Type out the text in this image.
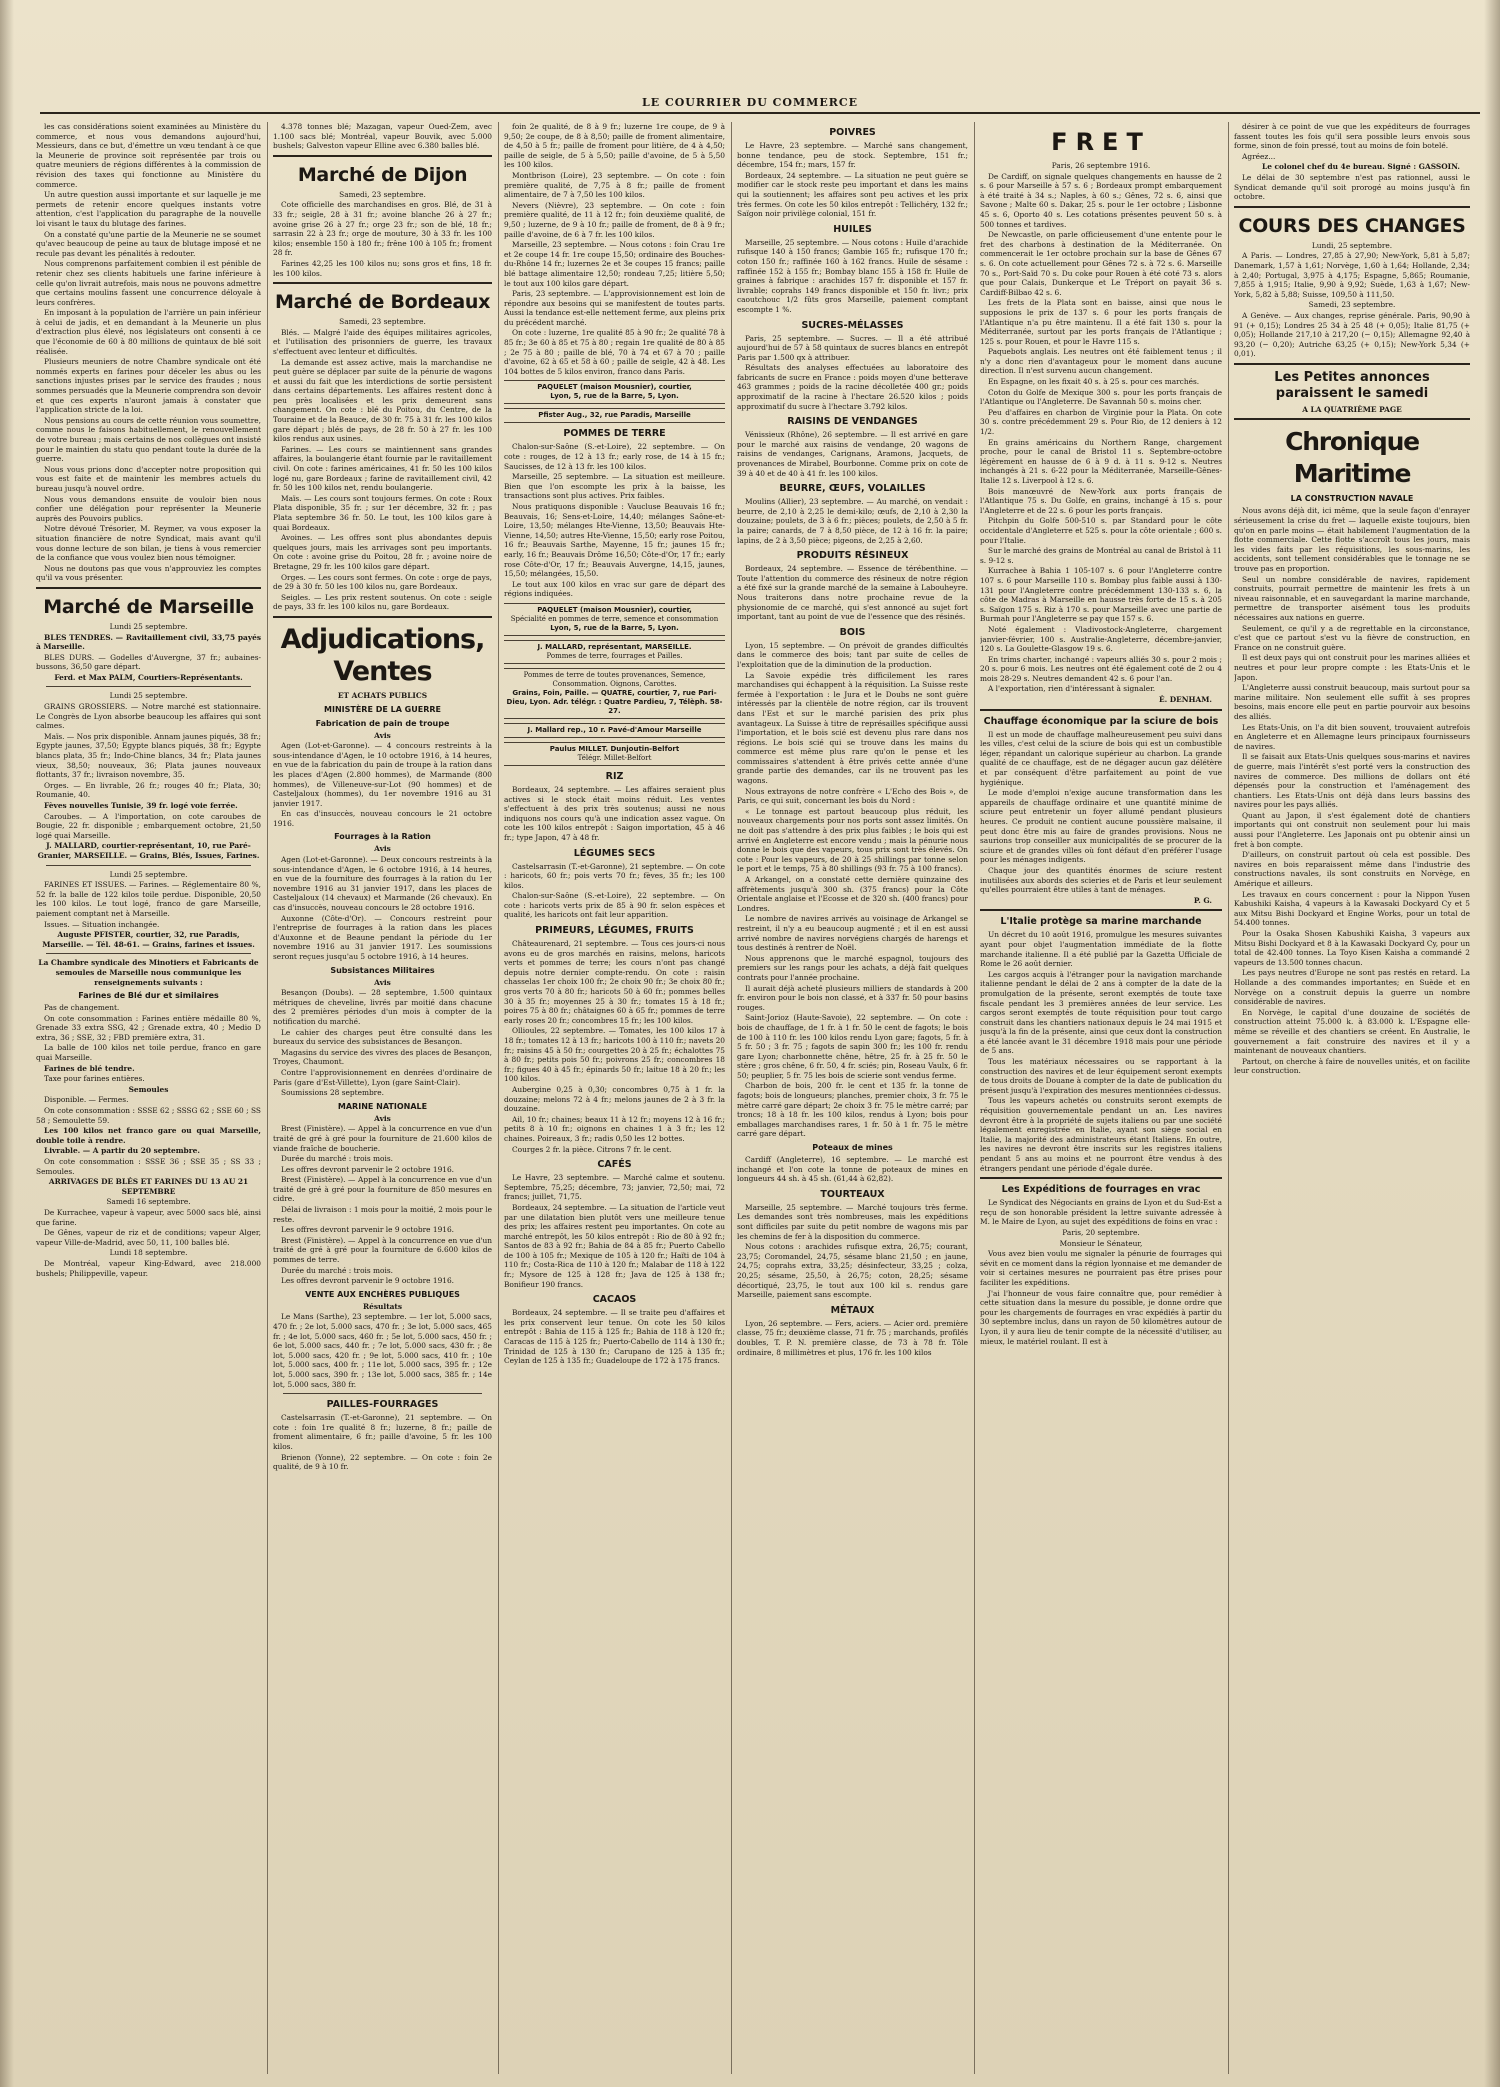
LE COURRIER DU COMMERCE

les cas considérations soient examinées au Ministère du commerce, et nous vous demandons aujourd'hui, Messieurs, dans ce but, d'émettre un vœu tendant à ce que la Meunerie de province soit représentée par trois ou quatre meuniers de régions différentes à la commission de révision des taxes qui fonctionne au Ministère du commerce.

Un autre question aussi importante et sur laquelle je me permets de retenir encore quelques instants votre attention, c'est l'application du paragraphe de la nouvelle loi visant le taux du blutage des farines.

On a constaté qu'une partie de la Meunerie ne se soumet qu'avec beaucoup de peine au taux de blutage imposé et ne recule pas devant les pénalités à redouter.

Nous comprenons parfaitement combien il est pénible de retenir chez ses clients habituels une farine inférieure à celle qu'on livrait autrefois, mais nous ne pouvons admettre que certains moulins fassent une concurrence déloyale à leurs confrères.

En imposant à la population de l'arrière un pain inférieur à celui de jadis, et en demandant à la Meunerie un plus d'extraction plus élevé, nos législateurs ont consenti à ce que l'économie de 60 à 80 millions de quintaux de blé soit réalisée.

Plusieurs meuniers de notre Chambre syndicale ont été nommés experts en farines pour déceler les abus ou les sanctions injustes prises par le service des fraudes ; nous sommes persuadés que la Meunerie comprendra son devoir et que ces experts n'auront jamais à constater que l'application stricte de la loi.

Nous pensions au cours de cette réunion vous soumettre, comme nous le faisons habituellement, le renouvellement de votre bureau ; mais certains de nos collègues ont insisté pour le maintien du statu quo pendant toute la durée de la guerre.

Nous vous prions donc d'accepter notre proposition qui vous est faite et de maintenir les membres actuels du bureau jusqu'à nouvel ordre.

Nous vous demandons ensuite de vouloir bien nous confier une délégation pour représenter la Meunerie auprès des Pouvoirs publics.

Notre dévoué Trésorier, M. Reymer, va vous exposer la situation financière de notre Syndicat, mais avant qu'il vous donne lecture de son bilan, je tiens à vous remercier de la confiance que vous voulez bien nous témoigner.

Nous ne doutons pas que vous n'approuviez les comptes qu'il va vous présenter.

Marché de Marseille

Lundi 25 septembre.

BLES TENDRES. — Ravitaillement civil, 33,75 payés à Marseille.

BLES DURS. — Godelles d'Auvergne, 37 fr.; aubaines-bussons, 36,50 gare départ.

Ferd. et Max PALM, Courtiers-Représentants.

Lundi 25 septembre.

GRAINS GROSSIERS. — Notre marché est stationnaire. Le Congrès de Lyon absorbe beaucoup les affaires qui sont calmes.

Maïs. — Nos prix disponible. Annam jaunes piqués, 38 fr.; Egypte jaunes, 37,50; Egypte blancs piqués, 38 fr.; Egypte blancs plata, 35 fr.; Indo-Chine blancs, 34 fr.; Plata jaunes vieux, 38,50; nouveaux, 36; Plata jaunes nouveaux flottants, 37 fr.; livraison novembre, 35.

Orges. — En livrable, 26 fr.; rouges 40 fr.; Plata, 30; Roumanie, 40.

Fèves nouvelles Tunisie, 39 fr. logé voie ferrée.

Caroubes. — A l'importation, on cote caroubes de Bougie, 22 fr. disponible ; embarquement octobre, 21,50 logé quai Marseille.

J. MALLARD, courtier-représentant, 10, rue Paré-Granier, MARSEILLE. — Grains, Blés, Issues, Farines.

Lundi 25 septembre.

FARINES ET ISSUES. — Farines. — Réglementaire 80 %, 52 fr. la balle de 122 kilos toile perdue. Disponible, 20,50 les 100 kilos. Le tout logé, franco de gare Marseille, paiement comptant net à Marseille.

Issues. — Situation inchangée.

Auguste PFISTER, courtier, 32, rue Paradis, Marseille. — Tél. 48-61. — Grains, farines et issues.

La Chambre syndicale des Minotiers et Fabricants de semoules de Marseille nous communique les renseignements suivants :

Farines de Blé dur et similaires

Pas de changement.

On cote consommation : Farines entière médaille 80 %, Grenade 33 extra SSG, 42 ; Grenade extra, 40 ; Medio D extra, 36 ; SSE, 32 ; FBD première extra, 31.

La balle de 100 kilos net toile perdue, franco en gare quai Marseille.

Farines de blé tendre.

Taxe pour farines entières.

Semoules

Disponible. — Fermes.

On cote consommation : SSSE 62 ; SSSG 62 ; SSE 60 ; SS 58 ; Semoulette 59.

Les 100 kilos net franco gare ou quai Marseille, double toile à rendre.

Livrable. — A partir du 20 septembre.

On cote consommation : SSSE 36 ; SSE 35 ; SS 33 ; Semoules.

ARRIVAGES DE BLÉS ET FARINES DU 13 AU 21 SEPTEMBRE

Samedi 16 septembre.

De Kurrachee, vapeur à vapeur, avec 5000 sacs blé, ainsi que farine.

De Gênes, vapeur de riz et de conditions; vapeur Alger, vapeur Ville-de-Madrid, avec 50, 11, 100 balles blé.

Lundi 18 septembre.

De Montréal, vapeur King-Edward, avec 218.000 bushels; Philippeville, vapeur.

4.378 tonnes blé; Mazagan, vapeur Oued-Zem, avec 1.100 sacs blé; Montréal, vapeur Bouvik, avec 5.000 bushels; Galveston vapeur Elline avec 6.380 balles blé.

Marché de Dijon

Samedi, 23 septembre.

Cote officielle des marchandises en gros. Blé, de 31 à 33 fr.; seigle, 28 à 31 fr.; avoine blanche 26 à 27 fr.; avoine grise 26 à 27 fr.; orge 23 fr.; son de blé, 18 fr.; sarrasin 22 à 23 fr.; orge de mouture, 30 à 33 fr. les 100 kilos; ensemble 150 à 180 fr.; frêne 100 à 105 fr.; froment 28 fr.

Farines 42,25 les 100 kilos nu; sons gros et fins, 18 fr. les 100 kilos.

Marché de Bordeaux

Samedi, 23 septembre.

Blés. — Malgré l'aide des équipes militaires agricoles, et l'utilisation des prisonniers de guerre, les travaux s'effectuent avec lenteur et difficultés.

La demande est assez active, mais la marchandise ne peut guère se déplacer par suite de la pénurie de wagons et aussi du fait que les interdictions de sortie persistent dans certains départements. Les affaires restent donc à peu près localisées et les prix demeurent sans changement. On cote : blé du Poitou, du Centre, de la Touraine et de la Beauce, de 30 fr. 75 à 31 fr. les 100 kilos gare départ ; blés de pays, de 28 fr. 50 à 27 fr. les 100 kilos rendus aux usines.

Farines. — Les cours se maintiennent sans grandes affaires, la boulangerie étant fournie par le ravitaillement civil. On cote : farines américaines, 41 fr. 50 les 100 kilos logé nu, gare Bordeaux ; farine de ravitaillement civil, 42 fr. 50 les 100 kilos net, rendu boulangerie.

Maïs. — Les cours sont toujours fermes. On cote : Roux Plata disponible, 35 fr. ; sur 1er décembre, 32 fr. ; pas Plata septembre 36 fr. 50. Le tout, les 100 kilos gare à quai Bordeaux.

Avoines. — Les offres sont plus abondantes depuis quelques jours, mais les arrivages sont peu importants. On cote : avoine grise du Poitou, 28 fr. ; avoine noire de Bretagne, 29 fr. les 100 kilos gare départ.

Orges. — Les cours sont fermes. On cote : orge de pays, de 29 à 30 fr. 50 les 100 kilos nu, gare Bordeaux.

Seigles. — Les prix restent soutenus. On cote : seigle de pays, 33 fr. les 100 kilos nu, gare Bordeaux.

Adjudications, Ventes

ET ACHATS PUBLICS

MINISTÈRE DE LA GUERRE
Fabrication de pain de troupe

Avis

Agen (Lot-et-Garonne). — 4 concours restreints à la sous-intendance d'Agen, le 10 octobre 1916, à 14 heures, en vue de la fabrication du pain de troupe à la ration dans les places d'Agen (2.800 hommes), de Marmande (800 hommes), de Villeneuve-sur-Lot (90 hommes) et de Casteljaloux (hommes), du 1er novembre 1916 au 31 janvier 1917.

En cas d'insuccès, nouveau concours le 21 octobre 1916.

Fourrages à la Ration

Avis

Agen (Lot-et-Garonne). — Deux concours restreints à la sous-intendance d'Agen, le 6 octobre 1916, à 14 heures, en vue de la fourniture des fourrages à la ration du 1er novembre 1916 au 31 janvier 1917, dans les places de Casteljaloux (14 chevaux) et Marmande (26 chevaux). En cas d'insuccès, nouveau concours le 28 octobre 1916.

Auxonne (Côte-d'Or). — Concours restreint pour l'entreprise de fourrages à la ration dans les places d'Auxonne et de Beaune pendant la période du 1er novembre 1916 au 31 janvier 1917. Les soumissions seront reçues jusqu'au 5 octobre 1916, à 14 heures.

Subsistances Militaires

Avis

Besançon (Doubs). — 28 septembre, 1.500 quintaux métriques de cheveline, livrés par moitié dans chacune des 2 premières périodes d'un mois à compter de la notification du marché.

Le cahier des charges peut être consulté dans les bureaux du service des subsistances de Besançon.

Magasins du service des vivres des places de Besançon, Troyes, Chaumont.

Contre l'approvisionnement en denrées d'ordinaire de Paris (gare d'Est-Villette), Lyon (gare Saint-Clair).

Soumissions 28 septembre.

MARINE NATIONALE

Avis

Brest (Finistère). — Appel à la concurrence en vue d'un traité de gré à gré pour la fourniture de 21.600 kilos de viande fraîche de boucherie.

Durée du marché : trois mois.

Les offres devront parvenir le 2 octobre 1916.

Brest (Finistère). — Appel à la concurrence en vue d'un traité de gré à gré pour la fourniture de 850 mesures en cidre.

Délai de livraison : 1 mois pour la moitié, 2 mois pour le reste.

Les offres devront parvenir le 9 octobre 1916.

Brest (Finistère). — Appel à la concurrence en vue d'un traité de gré à gré pour la fourniture de 6.600 kilos de pommes de terre.

Durée du marché : trois mois.

Les offres devront parvenir le 9 octobre 1916.

VENTE AUX ENCHÈRES PUBLIQUES

Résultats

Le Mans (Sarthe), 23 septembre. — 1er lot, 5.000 sacs, 470 fr. ; 2e lot, 5.000 sacs, 470 fr. ; 3e lot, 5.000 sacs, 465 fr. ; 4e lot, 5.000 sacs, 460 fr. ; 5e lot, 5.000 sacs, 450 fr. ; 6e lot, 5.000 sacs, 440 fr. ; 7e lot, 5.000 sacs, 430 fr. ; 8e lot, 5.000 sacs, 420 fr. ; 9e lot, 5.000 sacs, 410 fr. ; 10e lot, 5.000 sacs, 400 fr. ; 11e lot, 5.000 sacs, 395 fr. ; 12e lot, 5.000 sacs, 390 fr. ; 13e lot, 5.000 sacs, 385 fr. ; 14e lot, 5.000 sacs, 380 fr.

PAILLES-FOURRAGES

Castelsarrasin (T.-et-Garonne), 21 septembre. — On cote : foin 1re qualité 8 fr.; luzerne, 8 fr.; paille de froment alimentaire, 6 fr.; paille d'avoine, 5 fr. les 100 kilos.

Brienon (Yonne), 22 septembre. — On cote : foin 2e qualité, de 9 à 10 fr.

foin 2e qualité, de 8 à 9 fr.; luzerne 1re coupe, de 9 à 9,50; 2e coupe, de 8 à 8,50; paille de froment alimentaire, de 4,50 à 5 fr.; paille de froment pour litière, de 4 à 4,50; paille de seigle, de 5 à 5,50; paille d'avoine, de 5 à 5,50 les 100 kilos.

Montbrison (Loire), 23 septembre. — On cote : foin première qualité, de 7,75 à 8 fr.; paille de froment alimentaire, de 7 à 7,50 les 100 kilos.

Nevers (Nièvre), 23 septembre. — On cote : foin première qualité, de 11 à 12 fr.; foin deuxième qualité, de 9,50 ; luzerne, de 9 à 10 fr.; paille de froment, de 8 à 9 fr.; paille d'avoine, de 6 à 7 fr. les 100 kilos.

Marseille, 23 septembre. — Nous cotons : foin Crau 1re et 2e coupe 14 fr. 1re coupe 15,50; ordinaire des Bouches-du-Rhône 14 fr.; luzernes 2e et 3e coupes 15 francs; paille blé battage alimentaire 12,50; rondeau 7,25; litière 5,50; le tout aux 100 kilos gare départ.

Paris, 23 septembre. — L'approvisionnement est loin de répondre aux besoins qui se manifestent de toutes parts. Aussi la tendance est-elle nettement ferme, aux pleins prix du précédent marché.

On cote : luzerne, 1re qualité 85 à 90 fr.; 2e qualité 78 à 85 fr.; 3e 60 à 85 et 75 à 80 ; regain 1re qualité de 80 à 85 ; 2e 75 à 80 ; paille de blé, 70 à 74 et 67 à 70 ; paille d'avoine, 62 à 65 et 58 à 60 ; paille de seigle, 42 à 48. Les 104 bottes de 5 kilos environ, franco dans Paris.

PAQUELET (maison Mousnier), courtier,
Lyon, 5, rue de la Barre, 5, Lyon.
Pfister Aug., 32, rue Paradis, Marseille
POMMES DE TERRE

Chalon-sur-Saône (S.-et-Loire), 22 septembre. — On cote : rouges, de 12 à 13 fr.; early rose, de 14 à 15 fr.; Saucisses, de 12 à 13 fr. les 100 kilos.

Marseille, 25 septembre. — La situation est meilleure. Bien que l'on escompte les prix à la baisse, les transactions sont plus actives. Prix faibles.

Nous pratiquons disponible : Vaucluse Beauvais 16 fr.; Beauvais, 16; Sens-et-Loire, 14,40; mélanges Saône-et-Loire, 13,50; mélanges Hte-Vienne, 13,50; Beauvais Hte-Vienne, 14,50; autres Hte-Vienne, 15,50; early rose Poitou, 16 fr.; Beauvais Sarthe, Mayenne, 15 fr.; jaunes 15 fr.; early, 16 fr.; Beauvais Drôme 16,50; Côte-d'Or, 17 fr.; early rose Côte-d'Or, 17 fr.; Beauvais Auvergne, 14,15, jaunes, 15,50; mélangées, 15,50.

Le tout aux 100 kilos en vrac sur gare de départ des régions indiquées.

PAQUELET (maison Mousnier), courtier,
Spécialité en pommes de terre, semence et consommation
Lyon, 5, rue de la Barre, 5, Lyon.
J. MALLARD, représentant, MARSEILLE.
Pommes de terre, fourrages et Pailles.
Pommes de terre de toutes provenances, Semence, Consommation. Oignons, Carottes.
Grains, Foin, Paille. — QUATRE, courtier, 7, rue Pari-Dieu, Lyon. Adr. télégr. : Quatre Pardieu, 7, Télèph. 58-27.
J. Mallard rep., 10 r. Pavé-d'Amour Marseille
Paulus MILLET. Dunjoutin-Belfort
Télégr. Millet-Belfort
RIZ

Bordeaux, 24 septembre. — Les affaires seraient plus actives si le stock était moins réduit. Les ventes s'effectuent à des prix très soutenus; aussi ne nous indiquons nos cours qu'à une indication assez vague. On cote les 100 kilos entrepôt : Saigon importation, 45 à 46 fr.; type Japon, 47 à 48 fr.

LÉGUMES SECS

Castelsarrasin (T.-et-Garonne), 21 septembre. — On cote : haricots, 60 fr.; pois verts 70 fr.; fèves, 35 fr.; les 100 kilos.

Chalon-sur-Saône (S.-et-Loire), 22 septembre. — On cote : haricots verts prix de 85 à 90 fr. selon espèces et qualité, les haricots ont fait leur apparition.

PRIMEURS, LÉGUMES, FRUITS

Châteaurenard, 21 septembre. — Tous ces jours-ci nous avons eu de gros marchés en raisins, melons, haricots verts et pommes de terre; les cours n'ont pas changé depuis notre dernier compte-rendu. On cote : raisin chasselas 1er choix 100 fr.; 2e choix 90 fr.; 3e choix 80 fr.; gros verts 70 à 80 fr.; haricots 50 à 60 fr.; pommes belles 30 à 35 fr.; moyennes 25 à 30 fr.; tomates 15 à 18 fr.; poires 75 à 80 fr.; châtaignes 60 à 65 fr.; pommes de terre early roses 20 fr.; concombres 15 fr.; les 100 kilos.

Ollioules, 22 septembre. — Tomates, les 100 kilos 17 à 18 fr.; tomates 12 à 13 fr.; haricots 100 à 110 fr.; navets 20 fr.; raisins 45 à 50 fr.; courgettes 20 à 25 fr.; échalottes 75 à 80 fr.; petits pois 50 fr.; poivrons 25 fr.; concombres 18 fr.; figues 40 à 45 fr.; épinards 50 fr.; laitue 18 à 20 fr.; les 100 kilos.

Aubergine 0,25 à 0,30; concombres 0,75 à 1 fr. la douzaine; melons 72 à 4 fr.; melons jaunes de 2 à 3 fr. la douzaine.

Ail, 10 fr.; chaines; beaux 11 à 12 fr.; moyens 12 à 16 fr.; petits 8 à 10 fr.; oignons en chaines 1 à 3 fr.; les 12 chaines. Poireaux, 3 fr.; radis 0,50 les 12 bottes.

Courges 2 fr. la pièce. Citrons 7 fr. le cent.

CAFÉS

Le Havre, 23 septembre. — Marché calme et soutenu. Septembre, 75,25; décembre, 73; janvier, 72,50; mai, 72 francs; juillet, 71,75.

Bordeaux, 24 septembre. — La situation de l'article veut par une dilatation bien plutôt vers une meilleure tenue des prix; les affaires restent peu importantes. On cote au marché entrepôt, les 50 kilos entrepôt : Rio de 80 à 92 fr.; Santos de 83 à 92 fr.; Bahia de 84 à 85 fr.; Puerto Cabello de 100 à 105 fr.; Mexique de 105 à 120 fr.; Haïti de 104 à 110 fr.; Costa-Rica de 110 à 120 fr.; Malabar de 118 à 122 fr.; Mysore de 125 à 128 fr.; Java de 125 à 138 fr.; Bonifieur 190 francs.

CACAOS

Bordeaux, 24 septembre. — Il se traite peu d'affaires et les prix conservent leur tenue. On cote les 50 kilos entrepôt : Bahia de 115 à 125 fr.; Bahia de 118 à 120 fr.; Caracas de 115 à 125 fr.; Puerto-Cabello de 114 à 130 fr.; Trinidad de 125 à 130 fr.; Carupano de 125 à 135 fr.; Ceylan de 125 à 135 fr.; Guadeloupe de 172 à 175 francs.

POIVRES

Le Havre, 23 septembre. — Marché sans changement, bonne tendance, peu de stock. Septembre, 151 fr.; décembre, 154 fr.; mars, 157 fr.

Bordeaux, 24 septembre. — La situation ne peut guère se modifier car le stock reste peu important et dans les mains qui la soutiennent; les affaires sont peu actives et les prix très fermes. On cote les 50 kilos entrepôt : Tellichéry, 132 fr.; Saïgon noir privilège colonial, 151 fr.

HUILES

Marseille, 25 septembre. — Nous cotons : Huile d'arachide rufisque 140 à 150 francs; Gambie 165 fr.; rufisque 170 fr.; coton 150 fr.; raffinée 160 à 162 francs. Huile de sésame : raffinée 152 à 155 fr.; Bombay blanc 155 à 158 fr. Huile de graines à fabrique : arachides 157 fr. disponible et 157 fr. livrable; coprahs 149 francs disponible et 150 fr. livr.; prix caoutchouc 1/2 fûts gros Marseille, paiement comptant escompte 1 %.

SUCRES-MÉLASSES

Paris, 25 septembre. — Sucres. — Il a été attribué aujourd'hui de 57 à 58 quintaux de sucres blancs en entrepôt Paris par 1.500 qx à attribuer.

Résultats des analyses effectuées au laboratoire des fabricants de sucre en France : poids moyen d'une betterave 463 grammes ; poids de la racine décolletée 400 gr.; poids approximatif de la racine à l'hectare 26.520 kilos ; poids approximatif du sucre à l'hectare 3.792 kilos.

RAISINS DE VENDANGES

Vénissieux (Rhône), 26 septembre. — Il est arrivé en gare pour le marché aux raisins de vendange, 20 wagons de raisins de vendanges, Carignans, Aramons, Jacquets, de provenances de Mirabel, Bourbonne. Comme prix on cote de 39 à 40 et de 40 à 41 fr. les 100 kilos.

BEURRE, ŒUFS, VOLAILLES

Moulins (Allier), 23 septembre. — Au marché, on vendait : beurre, de 2,10 à 2,25 le demi-kilo; œufs, de 2,10 à 2,30 la douzaine; poulets, de 3 à 6 fr.; pièces; poulets, de 2,50 à 5 fr. la paire; canards, de 7 à 8,50 pièce, de 12 à 16 fr. la paire; lapins, de 2 à 3,50 pièce; pigeons, de 2,25 à 2,60.

PRODUITS RÉSINEUX

Bordeaux, 24 septembre. — Essence de térébenthine. — Toute l'attention du commerce des résineux de notre région a été fixé sur la grande marché de la semaine à Labouheyre. Nous traiterons dans notre prochaine revue de la physionomie de ce marché, qui s'est annoncé au sujet fort important, tant au point de vue de l'essence que des résinés.

BOIS

Lyon, 15 septembre. — On prévoit de grandes difficultés dans le commerce des bois; tant par suite de celles de l'exploitation que de la diminution de la production.

La Savoie expédie très difficilement les rares marchandises qui échappent à la réquisition. La Suisse reste fermée à l'exportation : le Jura et le Doubs ne sont guère intéressés par la clientèle de notre région, car ils trouvent dans l'Est et sur le marché parisien des prix plus avantageux. La Suisse à titre de représailles spécifique aussi l'importation, et le bois scié est devenu plus rare dans nos régions. Le bois scié qui se trouve dans les mains du commerce est même plus rare qu'on le pense et les commissaires s'attendent à être privés cette année d'une grande partie des demandes, car ils ne trouvent pas les wagons.

Nous extrayons de notre confrère « L'Echo des Bois », de Paris, ce qui suit, concernant les bois du Nord :

« Le tonnage est partout beaucoup plus réduit, les nouveaux chargements pour nos ports sont assez limités. On ne doit pas s'attendre à des prix plus faibles ; le bois qui est arrivé en Angleterre est encore vendu ; mais la pénurie nous donne le bois que des vapeurs, tous prix sont très élevés. On cote : Pour les vapeurs, de 20 à 25 shillings par tonne selon le port et le temps, 75 à 80 shillings (93 fr. 75 à 100 francs).

A Arkangel, on a constaté cette dernière quinzaine des affrètements jusqu'à 300 sh. (375 francs) pour la Côte Orientale anglaise et l'Ecosse et de 320 sh. (400 francs) pour Londres.

Le nombre de navires arrivés au voisinage de Arkangel se restreint, il n'y a eu beaucoup augmenté ; et il en est aussi arrivé nombre de navires norvégiens chargés de harengs et tous destinés à rentrer de Noël.

Nous apprenons que le marché espagnol, toujours des premiers sur les rangs pour les achats, a déjà fait quelques contrats pour l'année prochaine.

Il aurait déjà acheté plusieurs milliers de standards à 200 fr. environ pour le bois non classé, et à 337 fr. 50 pour basins rouges.

Saint-Jorioz (Haute-Savoie), 22 septembre. — On cote : bois de chauffage, de 1 fr. à 1 fr. 50 le cent de fagots; le bois de 100 à 110 fr. les 100 kilos rendu Lyon gare; fagots, 5 fr. à 5 fr. 50 ; 3 fr. 75 ; fagots de sapin 300 fr.; les 100 fr. rendu gare Lyon; charbonnette chêne, hêtre, 25 fr. à 25 fr. 50 le stère ; gros chêne, 6 fr. 50, 4 fr. sciés; pin, Roseau Vaulx, 6 fr. 50; peuplier, 5 fr. 75 les bois de scierie sont vendus ferme.

Charbon de bois, 200 fr. le cent et 135 fr. la tonne de fagots; bois de longueurs; planches, premier choix, 3 fr. 75 le mètre carré gare départ; 2e choix 3 fr. 75 le mètre carré; par troncs; 18 à 18 fr. les 100 kilos, rendus à Lyon; bois pour emballages marchandises rares, 1 fr. 50 à 1 fr. 75 le mètre carré gare départ.

Poteaux de mines

Cardiff (Angleterre), 16 septembre. — Le marché est inchangé et l'on cote la tonne de poteaux de mines en longueurs 44 sh. à 45 sh. (61,44 à 62,82).

TOURTEAUX

Marseille, 25 septembre. — Marché toujours très ferme. Les demandes sont très nombreuses, mais les expéditions sont difficiles par suite du petit nombre de wagons mis par les chemins de fer à la disposition du commerce.

Nous cotons : arachides rufisque extra, 26,75; courant, 23,75; Coromandel, 24,75, sésame blanc 21,50 ; en jaune, 24,75; coprahs extra, 33,25; désinfecteur, 33,25 ; colza, 20,25; sésame, 25,50, à 26,75; coton, 28,25; sésame décortiqué, 23,75, le tout aux 100 kil s. rendus gare Marseille, paiement sans escompte.

MÉTAUX

Lyon, 26 septembre. — Fers, aciers. — Acier ord. première classe, 75 fr.; deuxième classe, 71 fr. 75 ; marchands, profilés doubles, T. P. N. première classe, de 73 à 78 fr. Tôle ordinaire, 8 millimètres et plus, 176 fr. les 100 kilos

FRET

Paris, 26 septembre 1916.

De Cardiff, on signale quelques changements en hausse de 2 s. 6 pour Marseille à 57 s. 6 ; Bordeaux prompt embarquement à été traité à 34 s.; Naples, à 60 s.; Gênes, 72 s. 6, ainsi que Savone ; Malte 60 s. Dakar, 25 s. pour le 1er octobre ; Lisbonne 45 s. 6, Oporto 40 s. Les cotations présentes peuvent 50 s. à 500 tonnes et tardives.

De Newcastle, on parle officieusement d'une entente pour le fret des charbons à destination de la Méditerranée. On commencerait le 1er octobre prochain sur la base de Gênes 67 s. 6. On cote actuellement pour Gênes 72 s. à 72 s. 6. Marseille 70 s., Port-Saïd 70 s. Du coke pour Rouen à été coté 73 s. alors que pour Calais, Dunkerque et Le Tréport on payait 36 s. Cardiff-Bilbao 42 s. 6.

Les frets de la Plata sont en baisse, ainsi que nous le supposions le prix de 137 s. 6 pour les ports français de l'Atlantique n'a pu être maintenu. Il a été fait 130 s. pour la Méditerranée, surtout par les ports français de l'Atlantique ; 125 s. pour Rouen, et pour le Havre 115 s.

Paquebots anglais. Les neutres ont été faiblement tenus ; il n'y a donc rien d'avantageux pour le moment dans aucune direction. Il n'est survenu aucun changement.

En Espagne, on les fixait 40 s. à 25 s. pour ces marchés.

Coton du Golfe de Mexique 300 s. pour les ports français de l'Atlantique ou l'Angleterre. De Savannah 50 s. moins cher.

Peu d'affaires en charbon de Virginie pour la Plata. On cote 30 s. contre précédemment 29 s. Pour Rio, de 12 deniers à 12 1/2.

En grains américains du Northern Range, chargement proche, pour le canal de Bristol 11 s. Septembre-octobre légèrement en hausse de 6 à 9 d. à 11 s. 9-12 s. Neutres inchangés à 21 s. 6-22 pour la Méditerranée, Marseille-Gênes-Italie 12 s. Liverpool à 12 s. 6.

Bois manœuvré de New-York aux ports français de l'Atlantique 75 s. Du Golfe, en grains, inchangé à 15 s. pour l'Angleterre et de 22 s. 6 pour les ports français.

Pitchpin du Golfe 500-510 s. par Standard pour le côte occidentale d'Angleterre et 525 s. pour la côte orientale ; 600 s. pour l'Italie.

Sur le marché des grains de Montréal au canal de Bristol à 11 s. 9-12 s.

Kurrachee à Bahia 1 105-107 s. 6 pour l'Angleterre contre 107 s. 6 pour Marseille 110 s. Bombay plus faible aussi à 130-131 pour l'Angleterre contre précédemment 130-133 s. 6, la côte de Madras à Marseille en hausse très forte de 15 s. à 205 s. Saïgon 175 s. Riz à 170 s. pour Marseille avec une partie de Burmah pour l'Angleterre se pay que 157 s. 6.

Noté également : Vladivostock-Angleterre, chargement janvier-février, 100 s. Australie-Angleterre, décembre-janvier, 120 s. La Goulette-Glasgow 19 s. 6.

En trims charter, inchangé : vapeurs alliés 30 s. pour 2 mois ; 20 s. pour 6 mois. Les neutres ont été également coté de 2 ou 4 mois 28-29 s. Neutres demandent 42 s. 6 pour l'an.

A l'exportation, rien d'intéressant à signaler.

É. DENHAM.

Chauffage économique par la sciure de bois

Il est un mode de chauffage malheureusement peu suivi dans les villes, c'est celui de la sciure de bois qui est un combustible léger, répandant un calorique supérieur au charbon. La grande qualité de ce chauffage, est de ne dégager aucun gaz délétère et par conséquent d'être parfaitement au point de vue hygiénique.

Le mode d'emploi n'exige aucune transformation dans les appareils de chauffage ordinaire et une quantité minime de sciure peut entretenir un foyer allumé pendant plusieurs heures. Ce produit ne contient aucune poussière malsaine, il peut donc être mis au faire de grandes provisions. Nous ne saurions trop conseiller aux municipalités de se procurer de la sciure et de grandes villes où font défaut d'en préférer l'usage pour les ménages indigents.

Chaque jour des quantités énormes de sciure restent inutilisées aux abords des scieries et de Paris et leur seulement qu'elles pourraient être utiles à tant de ménages.

P. G.

L'Italie protège sa marine marchande

Un décret du 10 août 1916, promulgue les mesures suivantes ayant pour objet l'augmentation immédiate de la flotte marchande italienne. Il a été publié par la Gazetta Ufficiale de Rome le 26 août dernier.

Les cargos acquis à l'étranger pour la navigation marchande italienne pendant le délai de 2 ans à compter de la date de la promulgation de la présente, seront exemptés de toute taxe fiscale pendant les 3 premières années de leur service. Les cargos seront exemptés de toute réquisition pour tout cargo construit dans les chantiers nationaux depuis le 24 mai 1915 et jusqu'à la fin de la présente, ainsi que ceux dont la construction a été lancée avant le 31 décembre 1918 mais pour une période de 5 ans.

Tous les matériaux nécessaires ou se rapportant à la construction des navires et de leur équipement seront exempts de tous droits de Douane à compter de la date de publication du présent jusqu'à l'expiration des mesures mentionnées ci-dessus.

Tous les vapeurs achetés ou construits seront exempts de réquisition gouvernementale pendant un an. Les navires devront être à la propriété de sujets italiens ou par une société légalement enregistrée en Italie, ayant son siège social en Italie, la majorité des administrateurs étant Italiens. En outre, les navires ne devront être inscrits sur les registres italiens pendant 5 ans au moins et ne pourront être vendus à des étrangers pendant une période d'égale durée.

Les Expéditions de fourrages en vrac

Le Syndicat des Négociants en grains de Lyon et du Sud-Est a reçu de son honorable président la lettre suivante adressée à M. le Maire de Lyon, au sujet des expéditions de foins en vrac :

Paris, 20 septembre.

Monsieur le Sénateur,

Vous avez bien voulu me signaler la pénurie de fourrages qui sévit en ce moment dans la région lyonnaise et me demander de voir si certaines mesures ne pourraient pas être prises pour faciliter les expéditions.

J'ai l'honneur de vous faire connaître que, pour remédier à cette situation dans la mesure du possible, je donne ordre que pour les chargements de fourrages en vrac expédiés à partir du 30 septembre inclus, dans un rayon de 50 kilomètres autour de Lyon, il y aura lieu de tenir compte de la nécessité d'utiliser, au mieux, le matériel roulant. Il est à

désirer à ce point de vue que les expéditeurs de fourrages fassent toutes les fois qu'il sera possible leurs envois sous forme, sinon de foin pressé, tout au moins de foin botelé.

Agréez...

Le colonel chef du 4e bureau. Signé : GASSOIN.

Le délai de 30 septembre n'est pas rationnel, aussi le Syndicat demande qu'il soit prorogé au moins jusqu'à fin octobre.

COURS DES CHANGES

Lundi, 25 septembre.

A Paris. — Londres, 27,85 à 27,90; New-York, 5,81 à 5,87; Danemark, 1,57 à 1,61; Norvège, 1,60 à 1,64; Hollande, 2,34; à 2,40; Portugal, 3,975 à 4,175; Espagne, 5,865; Roumanie, 7,855 à 1,915; Italie, 9,90 à 9,92; Suède, 1,63 à 1,67; New-York, 5,82 à 5,88; Suisse, 109,50 à 111,50.

Samedi, 23 septembre.

A Genève. — Aux changes, reprise générale. Paris, 90,90 à 91 (+ 0,15); Londres 25 34 à 25 48 (+ 0,05); Italie 81,75 (+ 0,05); Hollande 217,10 à 217,20 (− 0,15); Allemagne 92,40 à 93,20 (− 0,20); Autriche 63,25 (+ 0,15); New-York 5,34 (+ 0,01).

Les Petites annonces paraissent le samedi

A LA QUATRIÈME PAGE

Chronique Maritime
LA CONSTRUCTION NAVALE

Nous avons déjà dit, ici même, que la seule façon d'enrayer sérieusement la crise du fret — laquelle existe toujours, bien qu'on en parle moins — était habilement l'augmentation de la flotte commerciale. Cette flotte s'accroît tous les jours, mais les vides faits par les réquisitions, les sous-marins, les accidents, sont tellement considérables que le tonnage ne se trouve pas en proportion.

Seul un nombre considérable de navires, rapidement construits, pourrait permettre de maintenir les frets à un niveau raisonnable, et en sauvegardant la marine marchande, permettre de transporter aisément tous les produits nécessaires aux nations en guerre.

Seulement, ce qu'il y a de regrettable en la circonstance, c'est que ce partout s'est vu la fièvre de construction, en France on ne construit guère.

Il est deux pays qui ont construit pour les marines alliées et neutres et pour leur propre compte : les Etats-Unis et le Japon.

L'Angleterre aussi construit beaucoup, mais surtout pour sa marine militaire. Non seulement elle suffit à ses propres besoins, mais encore elle peut en partie pourvoir aux besoins des alliés.

Les Etats-Unis, on l'a dit bien souvent, trouvaient autrefois en Angleterre et en Allemagne leurs principaux fournisseurs de navires.

Il se faisait aux Etats-Unis quelques sous-marins et navires de guerre, mais l'intérêt s'est porté vers la construction des navires de commerce. Des millions de dollars ont été dépensés pour la construction et l'aménagement des chantiers. Les Etats-Unis ont déjà dans leurs bassins des navires pour les pays alliés.

Quant au Japon, il s'est également doté de chantiers importants qui ont construit non seulement pour lui mais aussi pour l'Angleterre. Les Japonais ont pu obtenir ainsi un fret à bon compte.

D'ailleurs, on construit partout où cela est possible. Des navires en bois reparaissent même dans l'industrie des constructions navales, ils sont construits en Norvège, en Amérique et ailleurs.

Les travaux en cours concernent : pour la Nippon Yusen Kabushiki Kaisha, 4 vapeurs à la Kawasaki Dockyard Cy et 5 aux Mitsu Bishi Dockyard et Engine Works, pour un total de 54.400 tonnes.

Pour la Osaka Shosen Kabushiki Kaisha, 3 vapeurs aux Mitsu Bishi Dockyard et 8 à la Kawasaki Dockyard Cy, pour un total de 42.400 tonnes. La Toyo Kisen Kaisha a commandé 2 vapeurs de 13.500 tonnes chacun.

Les pays neutres d'Europe ne sont pas restés en retard. La Hollande a des commandes importantes; en Suède et en Norvège on a construit depuis la guerre un nombre considérable de navires.

En Norvège, le capital d'une douzaine de sociétés de construction atteint 75.000 k. à 83.000 k. L'Espagne elle-même se réveille et des chantiers se créent. En Australie, le gouvernement a fait construire des navires et il y a maintenant de nouveaux chantiers.

Partout, on cherche à faire de nouvelles unités, et on facilite leur construction.
